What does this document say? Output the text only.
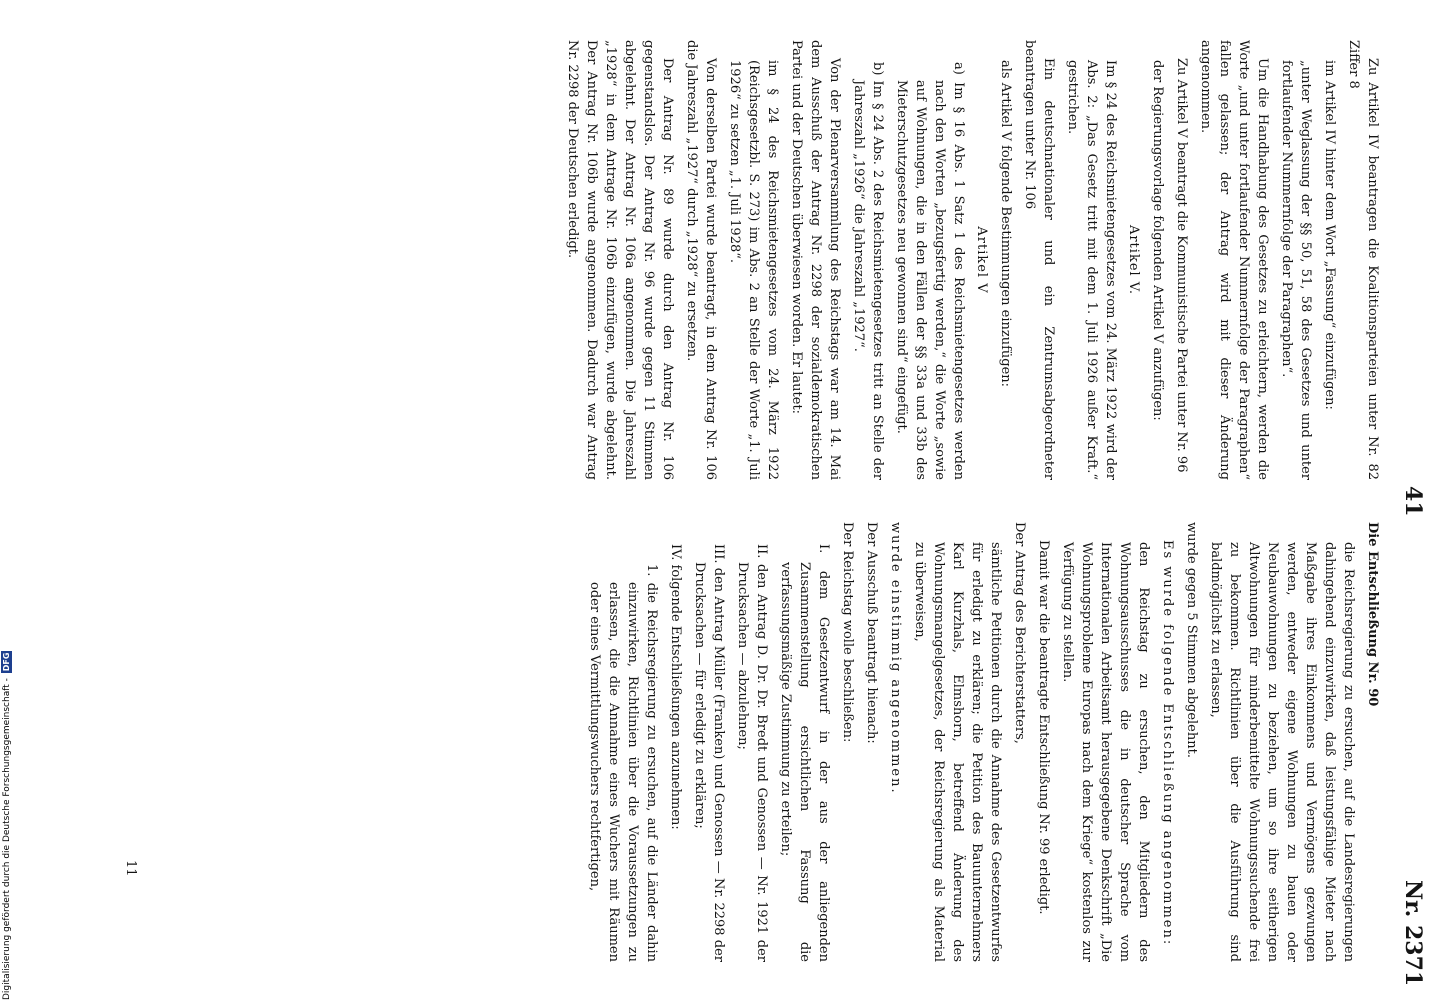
41
Nr. 2371

Die Entschließung Nr. 90

die Reichsregierung zu ersuchen, auf die Landesregierungen dahingehend einzuwirken, daß leistungsfähige Mieter nach Maßgabe ihres Einkommens und Vermögens gezwungen werden, entweder eigene Wohnungen zu bauen oder Neubauwohnungen zu beziehen, um so ihre seitherigen Altwohnungen für minderbemittelte Wohnungssuchende frei zu bekommen. Richtlinien über die Ausführung sind baldmöglichst zu erlassen,

wurde gegen 5 Stimmen abgelehnt.

Es wurde folgende Entschließung angenommen:

den Reichstag zu ersuchen, den Mitgliedern des Wohnungsausschusses die in deutscher Sprache vom Internationalen Arbeitsamt herausgegebene Denkschrift „Die Wohnungsprobleme Europas nach dem Kriege“ kostenlos zur Verfügung zu stellen.

Damit war die beantragte Entschließung Nr. 99 erledigt.

Der Antrag des Berichterstatters,

sämtliche Petitionen durch die Annahme des Gesetzentwurfes für erledigt zu erklären; die Petition des Bauunternehmers Karl Kurzhals, Elmshorn, betreffend Änderung des Wohnungsmangelgesetzes, der Reichsregierung als Material zu überweisen,

wurde einstimmig angenommen.

Der Ausschuß beantragt hienach:

Der Reichstag wolle beschließen:

I. dem Gesetzentwurf in der aus der anliegenden Zusammenstellung ersichtlichen Fassung die verfassungsmäßige Zustimmung zu erteilen;

II. den Antrag D. Dr. Dr. Bredt und Genossen — Nr. 1921 der Drucksachen — abzulehnen;

III. den Antrag Müller (Franken) und Genossen — Nr. 2298 der Drucksachen — für erledigt zu erklären;

IV. folgende Entschließungen anzunehmen:

1. die Reichsregierung zu ersuchen, auf die Länder dahin einzuwirken, Richtlinien über die Voraussetzungen zu erlassen, die die Annahme eines Wuchers mit Räumen oder eines Vermittlungswuchers rechtfertigen,

Zu Artikel IV beantragen die Koalitionsparteien unter Nr. 82 Ziffer 8

im Artikel IV hinter dem Wort „Fassung“ einzufügen:

„unter Weglassung der §§ 50, 51, 58 des Gesetzes und unter fortlaufender Nummernfolge der Paragraphen“.

Um die Handhabung des Gesetzes zu erleichtern, werden die Worte „und unter fortlaufender Nummernfolge der Paragraphen“ fallen gelassen; der Antrag wird mit dieser Änderung angenommen.

Zu Artikel V beantragt die Kommunistische Partei unter Nr. 96

der Regierungsvorlage folgenden Artikel V anzufügen:

Artikel V.

Im § 24 des Reichsmietengesetzes vom 24. März 1922 wird der Abs. 2: „Das Gesetz tritt mit dem 1. Juli 1926 außer Kraft.“ gestrichen.

Ein deutschnationaler und ein Zentrumsabgeordneter beantragen unter Nr. 106

als Artikel V folgende Bestimmungen einzufügen:

Artikel V

a) Im § 16 Abs. 1 Satz 1 des Reichsmietengesetzes werden nach den Worten „bezugsfertig werden,“ die Worte „sowie auf Wohnungen, die in den Fällen der §§ 33a und 33b des Mieterschutzgesetzes neu gewonnen sind“ eingefügt.

b) Im § 24 Abs. 2 des Reichsmietengesetzes tritt an Stelle der Jahreszahl „1926“ die Jahreszahl „1927“.

Von der Plenarversammlung des Reichstags war am 14. Mai dem Ausschuß der Antrag Nr. 2298 der sozialdemokratischen Partei und der Deutschen überwiesen worden. Er lautet:

im § 24 des Reichsmietengesetzes vom 24. März 1922 (Reichsgesetzbl. S. 273) im Abs. 2 an Stelle der Worte „1. Juli 1926“ zu setzen „1. Juli 1928“.

Von derselben Partei wurde beantragt, in dem Antrag Nr. 106 die Jahreszahl „1927“ durch „1928“ zu ersetzen.

Der Antrag Nr. 89 wurde durch den Antrag Nr. 106 gegenstandslos. Der Antrag Nr. 96 wurde gegen 11 Stimmen abgelehnt. Der Antrag Nr. 106a angenommen. Die Jahreszahl „1928“ in dem Antrage Nr. 106b einzufügen, wurde abgelehnt. Der Antrag Nr. 106b wurde angenommen. Dadurch war Antrag Nr. 2298 der Deutschen erledigt.

11
Digitalisierung gefördert durch die Deutsche Forschungsgemeinschaft - DFG
